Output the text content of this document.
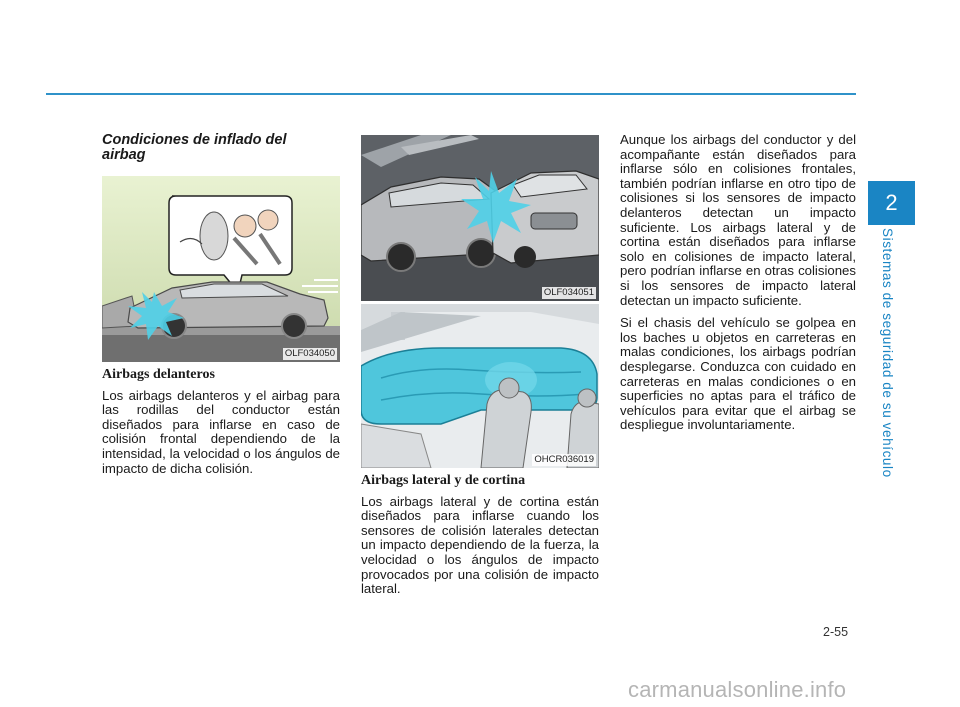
2
Sistemas de seguridad de su vehículo
Condiciones de inflado del airbag
OLF034050
Airbags delanteros

Los airbags delanteros y el airbag para las rodillas del conductor están diseñados para inflarse en caso de colisión frontal dependiendo de la intensidad, la velocidad o los ángulos de impacto de dicha colisión.

OLF034051
OHCR036019
Airbags lateral y de cortina

Los airbags lateral y de cortina están diseñados para inflarse cuando los sensores de colisión laterales detectan un impacto dependiendo de la fuerza, la velocidad o los ángulos de impacto provocados por una colisión de impacto lateral.

Aunque los airbags del conductor y del acompañante están diseñados para inflarse sólo en colisiones frontales, también podrían inflarse en otro tipo de colisiones si los sensores de impacto delanteros detectan un impacto suficiente. Los airbags lateral y de cortina están diseñados para inflarse solo en colisiones de impacto lateral, pero podrían inflarse en otras colisiones si los sensores de impacto lateral detectan un impacto suficiente.

Si el chasis del vehículo se golpea en los baches u objetos en carreteras en malas condiciones, los airbags podrían desplegarse. Conduzca con cuidado en carreteras en malas condiciones o en superficies no aptas para el tráfico de vehículos para evitar que el airbag se despliegue involuntariamente.

2-55
carmanualsonline.info
